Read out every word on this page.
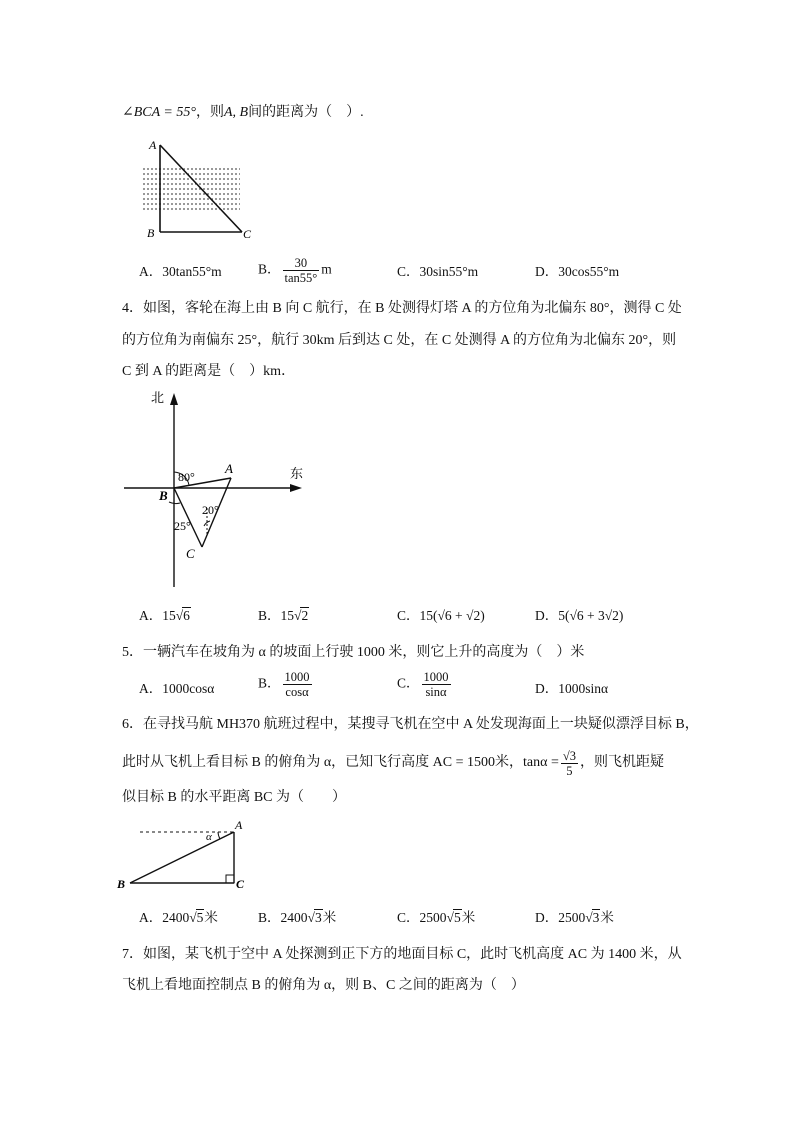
∠BCA = 55°，则A, B间的距离为（　）.
A
B	C
A．30tan55°m	B． $\frac{30}{\tan 55^\circ}$ m	C．30sin55°m	D．30cos55°m
4．如图，客轮在海上由 B 向 C 航行，在 B 处测得灯塔 A 的方位角为北偏东 80°，测得 C 处
的方位角为南偏东 25°，航行 30km 后到达 C 处，在 C 处测得 A 的方位角为北偏东 20°，则
C 到 A 的距离是（　）km．
北
东
A
B
C
80°
25°
20°
A．15√6	B．15√2	C．15(√6 + √2)	D．5(√6 + 3√2)
5．一辆汽车在坡角为 α 的坡面上行驶 1000 米，则它上升的高度为（　）米
A．1000cosα	B． $\frac{1000}{\cos\alpha}$	C． $\frac{1000}{\sin\alpha}$	D．1000sinα
6．在寻找马航 MH370 航班过程中，某搜寻飞机在空中 A 处发现海面上一块疑似漂浮目标 B，
此时从飞机上看目标 B 的俯角为 α，已知飞行高度 AC = 1500米，$\tan\alpha = \frac{√3}{5}$ ，则飞机距疑
似目标 B 的水平距离 BC 为（　　）
α
A
B	C
A．2400√5米	B．2400√3米	C．2500√5米	D．2500√3米
7．如图，某飞机于空中 A 处探测到正下方的地面目标 C，此时飞机高度 AC 为 1400 米，从
飞机上看地面控制点 B 的俯角为 α，则 B、C 之间的距离为（　）
